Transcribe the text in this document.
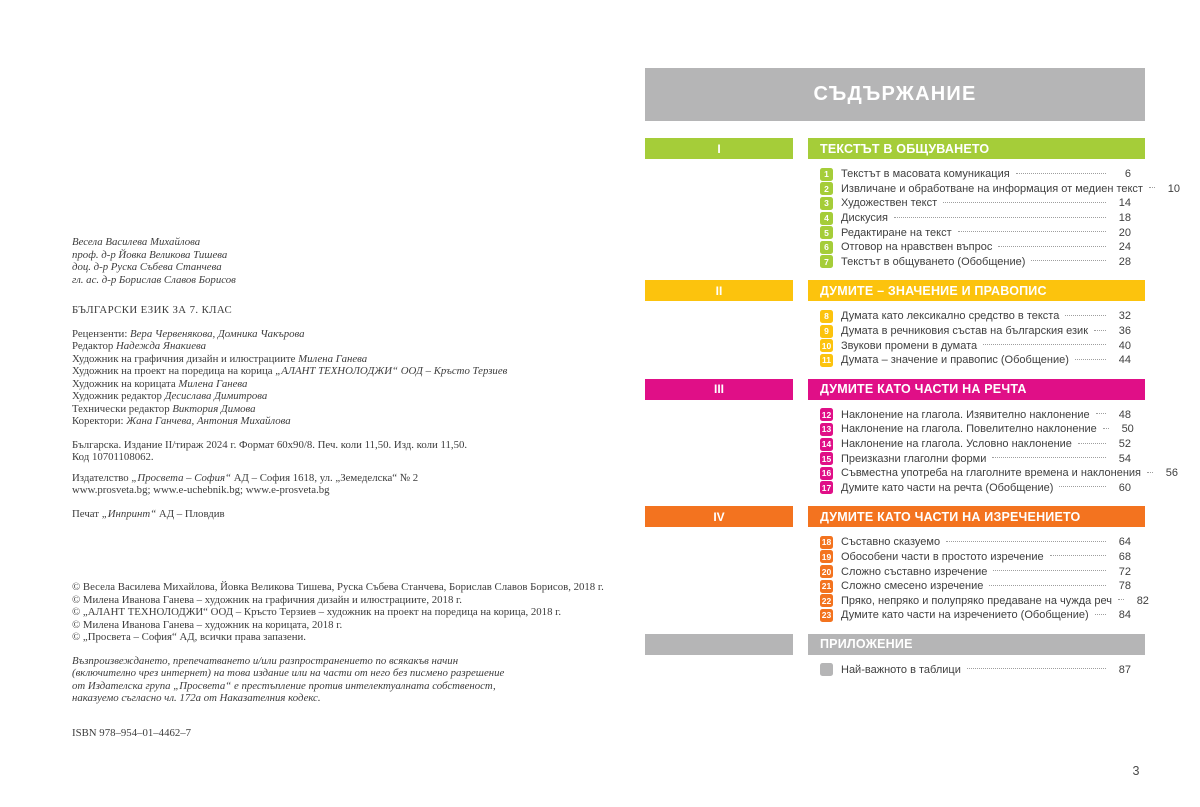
Весела Василева Михайлова
проф. д-р Йовка Великова Тишева
доц. д-р Руска Събева Станчева
гл. ас. д-р Борислав Славов Борисов
БЪЛГАРСКИ ЕЗИК ЗА 7. КЛАС
Рецензенти: Вера Червенякова, Домника Чакърова
Редактор Надежда Янакиева
Художник на графичния дизайн и илюстрациите Милена Ганева
Художник на проект на поредица на корица „АЛАНТ ТЕХНОЛОДЖИ“ ООД – Кръсто Терзиев
Художник на корицата Милена Ганева
Художник редактор Десислава Димитрова
Технически редактор Виктория Димова
Коректори: Жана Ганчева, Антония Михайлова
Българска. Издание II/тираж 2024 г. Формат 60х90/8. Печ. коли 11,50. Изд. коли 11,50.
Код 10701108062.
Издателство „Просвета – София“ АД – София 1618, ул. „Земеделска“ № 2
www.prosveta.bg; www.e-uchebnik.bg; www.e-prosveta.bg
Печат „Инпринт“ АД – Пловдив
© Весела Василева Михайлова, Йовка Великова Тишева, Руска Събева Станчева, Борислав Славов Борисов, 2018 г.
© Милена Иванова Ганева – художник на графичния дизайн и илюстрациите, 2018 г.
© „АЛАНТ ТЕХНОЛОДЖИ“ ООД – Кръсто Терзиев – художник на проект на поредица на корица, 2018 г.
© Милена Иванова Ганева – художник на корицата, 2018 г.
© „Просвета – София“ АД, всички права запазени.
Възпроизвеждането, препечатването и/или разпространението по всякакъв начин
(включително чрез интернет) на това издание или на части от него без писмено разрешение
от Издателска група „Просвета“ е престъпление против интелектуалната собственост,
наказуемо съгласно чл. 172а от Наказателния кодекс.
ISBN 978–954–01–4462–7
СЪДЪРЖАНИЕ
I	ТЕКСТЪТ В ОБЩУВАНЕТО
1	Текстът в масовата комуникация	6
2	Извличане и обработване на информация от медиен текст	10
3	Художествен текст	14
4	Дискусия	18
5	Редактиране на текст	20
6	Отговор на нравствен въпрос	24
7	Текстът в общуването (Обобщение)	28
II	ДУМИТЕ – ЗНАЧЕНИЕ И ПРАВОПИС
8	Думата като лексикално средство в текста	32
9	Думата в речниковия състав на българския език	36
10 Звукови промени в думата	40
11 Думата – значение и правопис (Обобщение)	44
III	ДУМИТЕ КАТО ЧАСТИ НА РЕЧТА
12 Наклонение на глагола. Изявително наклонение	48
13 Наклонение на глагола. Повелително наклонение	50
14 Наклонение на глагола. Условно наклонение	52
15 Преизказни глаголни форми	54
16 Съвместна употреба на глаголните времена и наклонения	56
17 Думите като части на речта (Обобщение)	60
IV	ДУМИТЕ КАТО ЧАСТИ НА ИЗРЕЧЕНИЕТО
18 Съставно сказуемо	64
19 Обособени части в простото изречение	68
20 Сложно съставно изречение	72
21 Сложно смесено изречение	78
22 Пряко, непряко и полупряко предаване на чужда реч	82
23 Думите като части на изречението (Обобщение)	84
ПРИЛОЖЕНИЕ
Най-важното в таблици	87
3
